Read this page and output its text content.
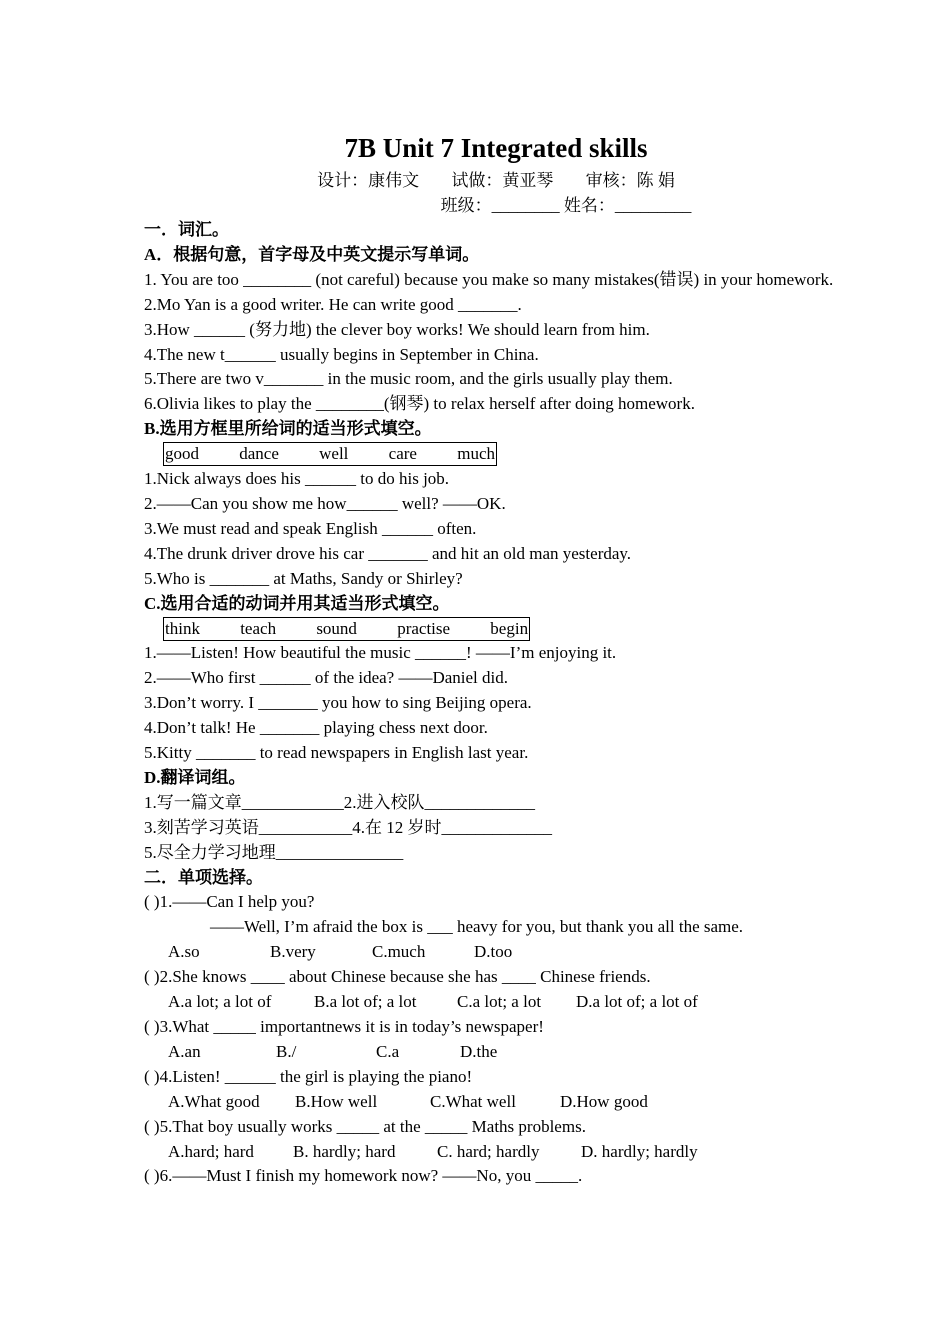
7B Unit 7 Integrated skills
设计：康伟文 试做：黄亚琴 审核：陈 娟
班级：________ 姓名：_________
一．词汇。
A．根据句意，首字母及中英文提示写单词。
1. You are too ________ (not careful) because you make so many mistakes(错误) in your homework.
2.Mo Yan is a good writer. He can write good _______.
3.How ______ (努力地) the clever boy works! We should learn from him.
4.The new t______ usually begins in September in China.
5.There are two v_______ in the music room, and the girls usually play them.
6.Olivia likes to play the ________(钢琴) to relax herself after doing homework.
B.选用方框里所给词的适当形式填空。
good dance well care much
1.Nick always does his ______ to do his job.
2.——Can you show me how______ well? ——OK.
3.We must read and speak English ______ often.
4.The drunk driver drove his car _______ and hit an old man yesterday.
5.Who is _______ at Maths, Sandy or Shirley?
C.选用合适的动词并用其适当形式填空。
think teach sound practise begin
1.——Listen! How beautiful the music ______! ——I’m enjoying it.
2.——Who first ______ of the idea? ——Daniel did.
3.Don’t worry. I _______ you how to sing Beijing opera.
4.Don’t talk! He _______ playing chess next door.
5.Kitty _______ to read newspapers in English last year.
D.翻译词组。
1.写一篇文章____________2.进入校队_____________
3.刻苦学习英语___________4.在 12 岁时_____________
5.尽全力学习地理_______________
二．单项选择。
( )1.——Can I help you?
——Well, I’m afraid the box is ___ heavy for you, but thank you all the same.
A.so	B.very	C.much	D.too
( )2.She knows ____ about Chinese because she has ____ Chinese friends.
A.a lot; a lot of	B.a lot of; a lot C.a lot; a lot D.a lot of; a lot of
( )3.What _____ importantnews it is in today’s newspaper!
A.an	B./	C.a	D.the
( )4.Listen! ______ the girl is playing the piano!
A.What good B.How well	C.What well	D.How good
( )5.That boy usually works _____ at the _____ Maths problems.
A.hard; hard B. hardly; hard C. hard; hardly D. hardly; hardly
( )6.——Must I finish my homework now? ——No, you _____.
